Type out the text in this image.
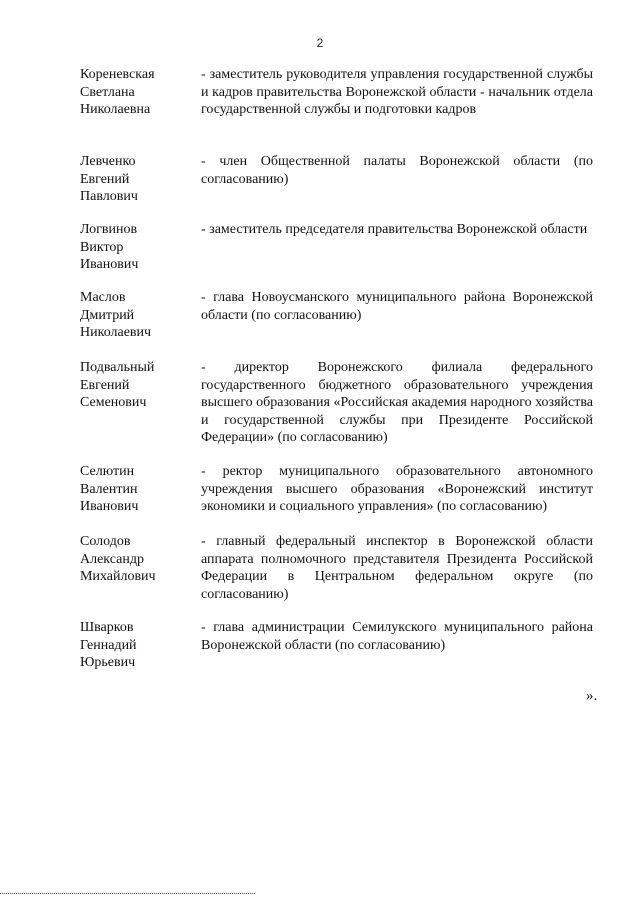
2
Кореневская
Светлана
Николаевна
- заместитель руководителя управления государственной службы и кадров правительства Воронежской области - начальник отдела государственной службы и подготовки кадров
Левченко
Евгений
Павлович
- член Общественной палаты Воронежской области (по согласованию)
Логвинов
Виктор
Иванович
- заместитель председателя правительства Воронежской области
Маслов
Дмитрий
Николаевич
- глава Новоусманского муниципального района Воронежской области (по согласованию)
Подвальный
Евгений
Семенович
- директор Воронежского филиала федерального государственного бюджетного образовательного учреждения высшего образования «Российская академия народного хозяйства и государственной службы при Президенте Российской Федерации» (по согласованию)
Селютин
Валентин
Иванович
- ректор муниципального образовательного автономного учреждения высшего образования «Воронежский институт экономики и социального управления» (по согласованию)
Солодов
Александр
Михайлович
- главный федеральный инспектор в Воронежской области аппарата полномочного представителя Президента Российской Федерации в Центральном федеральном округе (по согласованию)
Шварков
Геннадий
Юрьевич
- глава администрации Семилукского муниципального района Воронежской области (по согласованию)
».
